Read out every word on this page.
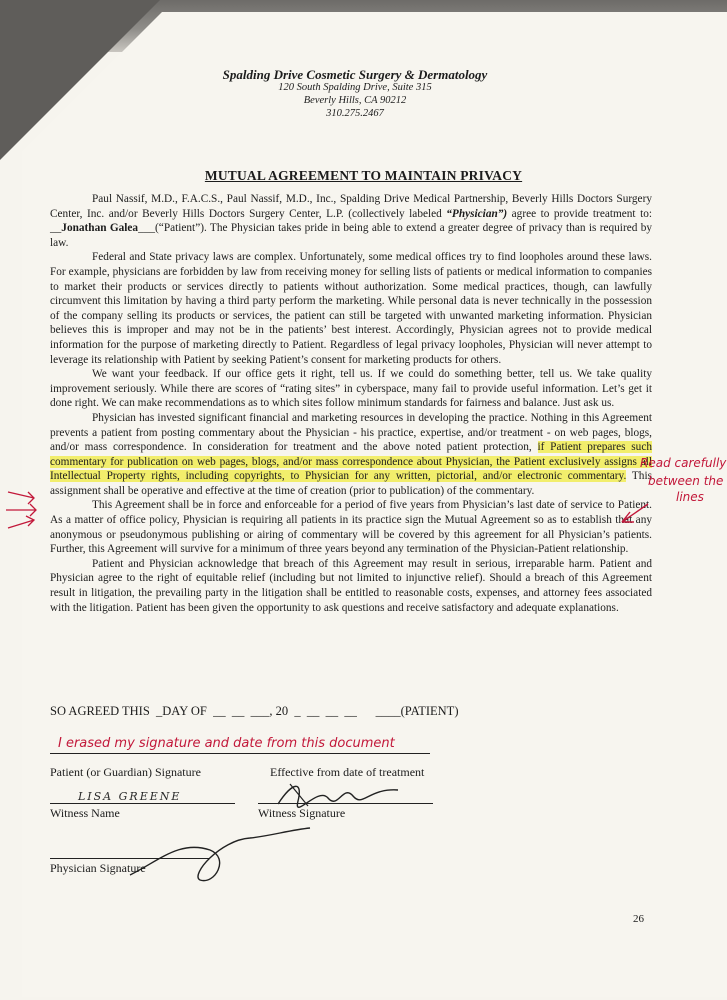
Spalding Drive Cosmetic Surgery & Dermatology
120 South Spalding Drive, Suite 315
Beverly Hills, CA 90212
310.275.2467
MUTUAL AGREEMENT TO MAINTAIN PRIVACY

Paul Nassif, M.D., F.A.C.S., Paul Nassif, M.D., Inc., Spalding Drive Medical Partnership, Beverly Hills Doctors Surgery Center, Inc. and/or Beverly Hills Doctors Surgery Center, L.P. (collectively labeled “Physician”) agree to provide treatment to: __Jonathan Galea___(“Patient”). The Physician takes pride in being able to extend a greater degree of privacy than is required by law.

Federal and State privacy laws are complex. Unfortunately, some medical offices try to find loopholes around these laws. For example, physicians are forbidden by law from receiving money for selling lists of patients or medical information to companies to market their products or services directly to patients without authorization. Some medical practices, though, can lawfully circumvent this limitation by having a third party perform the marketing. While personal data is never technically in the possession of the company selling its products or services, the patient can still be targeted with unwanted marketing information. Physician believes this is improper and may not be in the patients’ best interest. Accordingly, Physician agrees not to provide medical information for the purpose of marketing directly to Patient. Regardless of legal privacy loopholes, Physician will never attempt to leverage its relationship with Patient by seeking Patient’s consent for marketing products for others.

We want your feedback. If our office gets it right, tell us. If we could do something better, tell us. We take quality improvement seriously. While there are scores of “rating sites” in cyberspace, many fail to provide useful information. Let’s get it done right. We can make recommendations as to which sites follow minimum standards for fairness and balance. Just ask us.

Physician has invested significant financial and marketing resources in developing the practice. Nothing in this Agreement prevents a patient from posting commentary about the Physician - his practice, expertise, and/or treatment - on web pages, blogs, and/or mass correspondence. In consideration for treatment and the above noted patient protection, if Patient prepares such commentary for publication on web pages, blogs, and/or mass correspondence about Physician, the Patient exclusively assigns all Intellectual Property rights, including copyrights, to Physician for any written, pictorial, and/or electronic commentary. This assignment shall be operative and effective at the time of creation (prior to publication) of the commentary.

This Agreement shall be in force and enforceable for a period of five years from Physician’s last date of service to Patient. As a matter of office policy, Physician is requiring all patients in its practice sign the Mutual Agreement so as to establish that any anonymous or pseudonymous publishing or airing of commentary will be covered by this agreement for all Physician’s patients. Further, this Agreement will survive for a minimum of three years beyond any termination of the Physician-Patient relationship.

Patient and Physician acknowledge that breach of this Agreement may result in serious, irreparable harm. Patient and Physician agree to the right of equitable relief (including but not limited to injunctive relief). Should a breach of this Agreement result in litigation, the prevailing party in the litigation shall be entitled to reasonable costs, expenses, and attorney fees associated with the litigation. Patient has been given the opportunity to ask questions and receive satisfactory and adequate explanations.

SO AGREED THIS  _DAY OF  __  __  ___, 20  _  __  __  __      ____(PATIENT)
I erased my signature and date from this document
Patient (or Guardian) Signature	Effective from date of treatment
LISA GREENE
Witness Name	Witness Signature
Physician Signature
Read carefully
between the
lines
26
